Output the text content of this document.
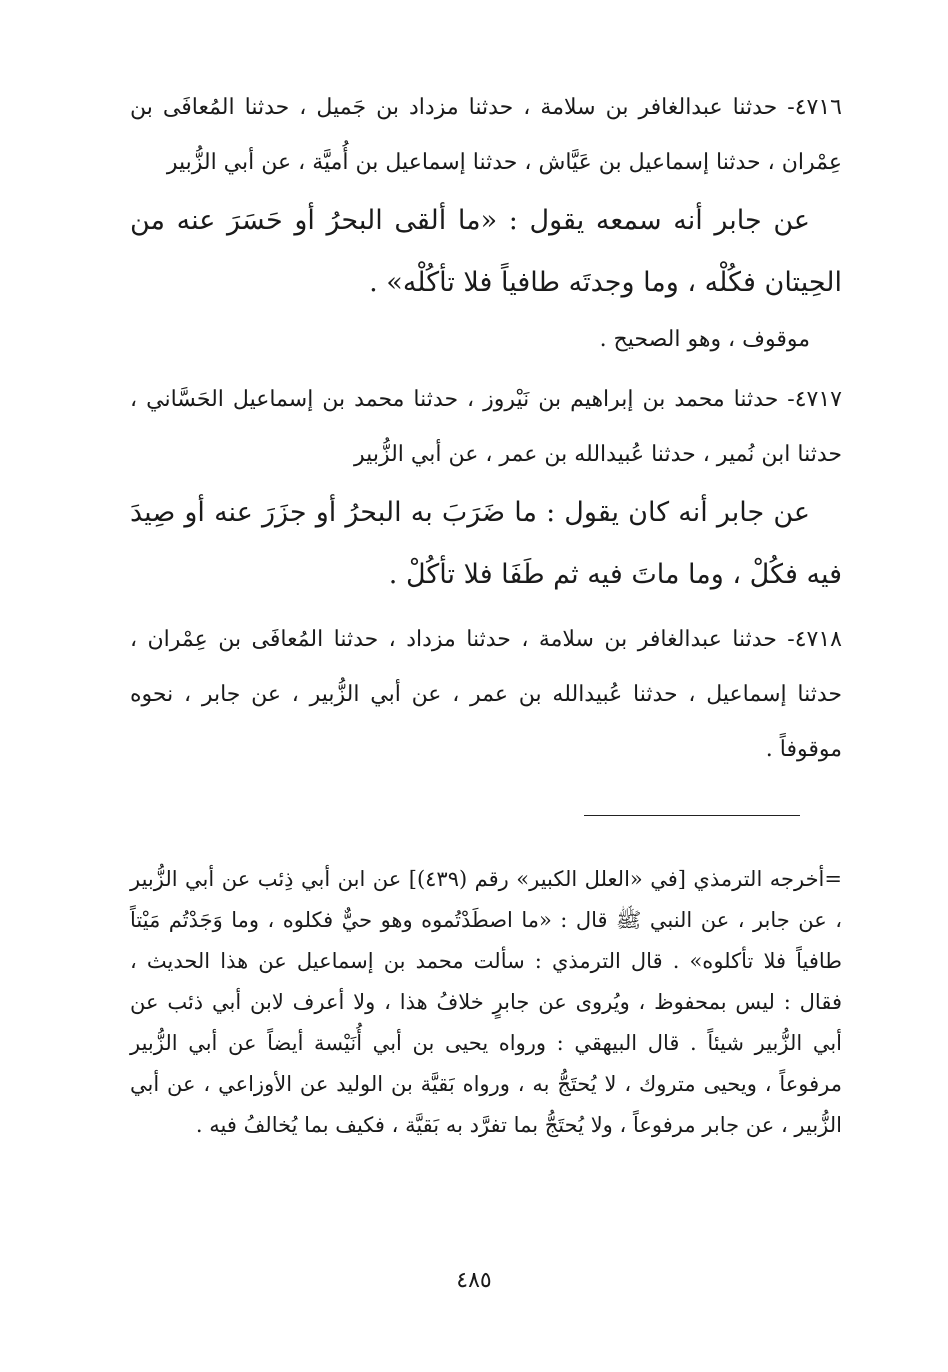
٤٧١٦- حدثنا عبدالغافر بن سلامة ، حدثنا مزداد بن جَميل ، حدثنا المُعافَى بن عِمْران ، حدثنا إسماعيل بن عَيَّاش ، حدثنا إسماعيل بن أُميَّة ، عن أبي الزُّبير

عن جابر أنه سمعه يقول : «ما ألقى البحرُ أو حَسَرَ عنه من الحِيتان فكُلْه ، وما وجدتَه طافياً فلا تأكُلْه» .

موقوف ، وهو الصحيح .

٤٧١٧- حدثنا محمد بن إبراهيم بن نَيْروز ، حدثنا محمد بن إسماعيل الحَسَّاني ، حدثنا ابن نُمير ، حدثنا عُبيدالله بن عمر ، عن أبي الزُّبير

عن جابر أنه كان يقول : ما ضَرَبَ به البحرُ أو جزَرَ عنه أو صِيدَ فيه فكُلْ ، وما ماتَ فيه ثم طَفَا فلا تأكُلْ .

٤٧١٨- حدثنا عبدالغافر بن سلامة ، حدثنا مزداد ، حدثنا المُعافَى بن عِمْران ، حدثنا إسماعيل ، حدثنا عُبيدالله بن عمر ، عن أبي الزُّبير ، عن جابر ، نحوه موقوفاً .

=أخرجه الترمذي [في «العلل الكبير» رقم (٤٣٩)] عن ابن أبي ذِئب عن أبي الزُّبير ، عن جابر ، عن النبي ﷺ قال : «ما اصطَدْتُموه وهو حيٌّ فكلوه ، وما وَجَدْتُم مَيْتاً طافياً فلا تأكلوه» . قال الترمذي : سألت محمد بن إسماعيل عن هذا الحديث ، فقال : ليس بمحفوظ ، ويُروى عن جابرٍ خلافُ هذا ، ولا أعرف لابن أبي ذئب عن أبي الزُّبير شيئاً . قال البيهقي : ورواه يحيى بن أبي أُنَيْسة أيضاً عن أبي الزُّبير مرفوعاً ، ويحيى متروك ، لا يُحتَجُّ به ، ورواه بَقيَّة بن الوليد عن الأوزاعي ، عن أبي الزُّبير ، عن جابر مرفوعاً ، ولا يُحتَجُّ بما تفرَّد به بَقيَّة ، فكيف بما يُخالفُ فيه .

٤٨٥
